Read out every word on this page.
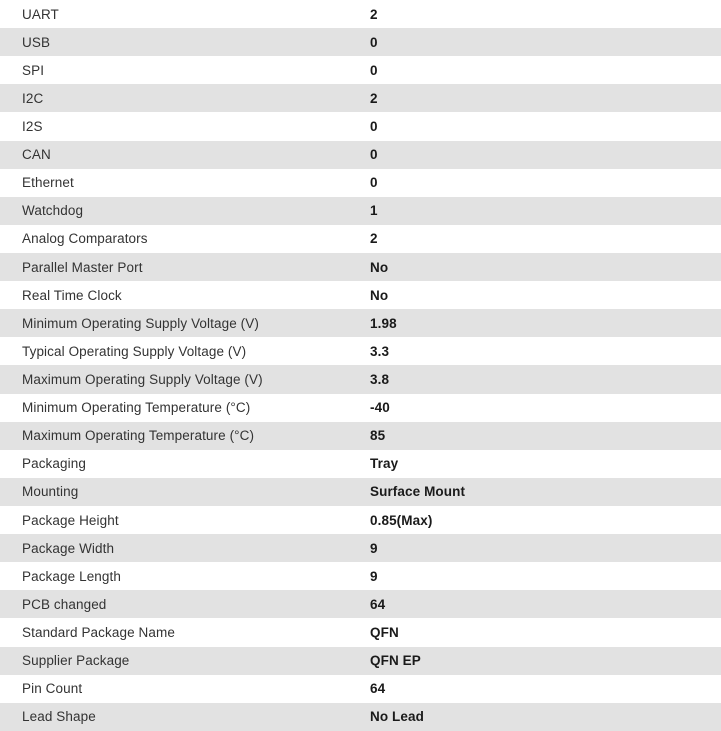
UART	2
USB	0
SPI	0
I2C	2
I2S	0
CAN	0
Ethernet	0
Watchdog	1
Analog Comparators	2
Parallel Master Port	No
Real Time Clock	No
Minimum Operating Supply Voltage (V)	1.98
Typical Operating Supply Voltage (V)	3.3
Maximum Operating Supply Voltage (V)	3.8
Minimum Operating Temperature (°C)	-40
Maximum Operating Temperature (°C)	85
Packaging	Tray
Mounting	Surface Mount
Package Height	0.85(Max)
Package Width	9
Package Length	9
PCB changed	64
Standard Package Name	QFN
Supplier Package	QFN EP
Pin Count	64
Lead Shape	No Lead
